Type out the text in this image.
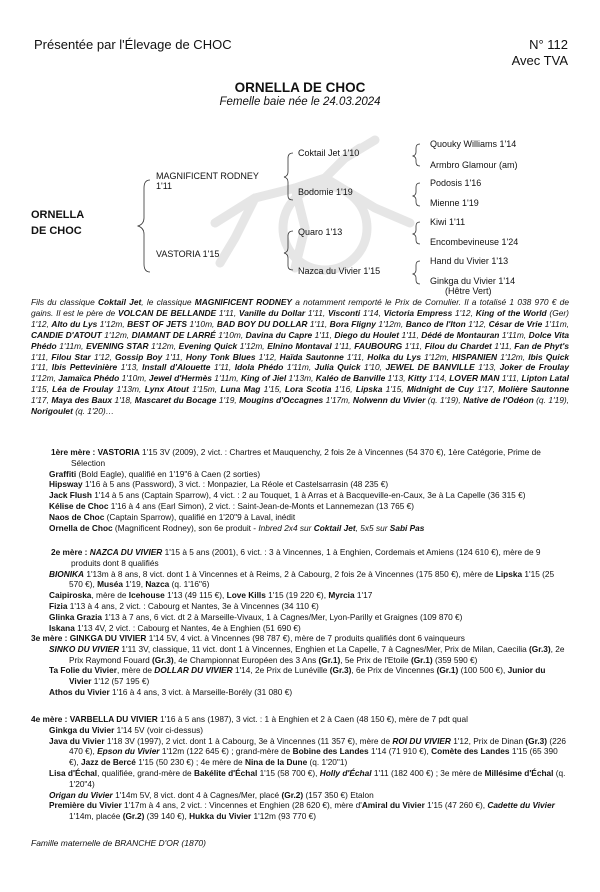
Présentée par l'Élevage de CHOC	N° 112
Avec TVA
ORNELLA DE CHOC
Femelle baie née le 24.03.2024
ORNELLA
DE CHOC
MAGNIFICENT RODNEY 1'11
VASTORIA 1'15
Coktail Jet 1'10
Bodomie 1'19
Quaro 1'13
Nazca du Vivier 1'15
Quouky Williams 1'14
Armbro Glamour (am)
Podosis 1'16
Mienne 1'19
Kiwi 1'11
Encombevineuse 1'24
Hand du Vivier 1'13
Ginkga du Vivier 1'14
(Hêtre Vert)
Fils du classique Coktail Jet, le classique MAGNIFICENT RODNEY a notamment remporté le Prix de Cornulier. Il a totalisé 1 038 970 € de gains. Il est le père de VOLCAN DE BELLANDE 1'11, Vanille du Dollar 1'11, Visconti 1'14, Victoria Empress 1'12, King of the World (Ger) 1'12, Alto du Lys 1'12m, BEST OF JETS 1'10m, BAD BOY DU DOLLAR 1'11, Bora Fligny 1'12m, Banco de l'Iton 1'12, César de Vrie 1'11m, CANDIE D'ATOUT 1'12m, DIAMANT DE LARRÉ 1'10m, Davina du Capre 1'11, Diego du Houlet 1'11, Dédé de Montauran 1'11m, Dolce Vita Phédo 1'11m, EVENING STAR 1'12m, Evening Quick 1'12m, Elnino Montaval 1'11, FAUBOURG 1'11, Filou du Chardet 1'11, Fan de Phyt's 1'11, Filou Star 1'12, Gossip Boy 1'11, Hony Tonk Blues 1'12, Haïda Sautonne 1'11, Holka du Lys 1'12m, HISPANIEN 1'12m, Ibis Quick 1'11, Ibis Pettevinière 1'13, Install d'Alouette 1'11, Idola Phédo 1'11m, Julia Quick 1'10, JEWEL DE BANVILLE 1'13, Joker de Froulay 1'12m, Jamaïca Phédo 1'10m, Jewel d'Hermès 1'11m, King of Jiel 1'13m, Kaléo de Banville 1'13, Kitty 1'14, LOVER MAN 1'11, Lipton Latal 1'15, Léa de Froulay 1'13m, Lynx Atout 1'15m, Luna Mag 1'15, Lora Scotia 1'16, Lipska 1'15, Midnight de Cuy 1'17, Molière Sautonne 1'17, Maya des Baux 1'18, Mascaret du Bocage 1'19, Mougins d'Occagnes 1'17m, Nolwenn du Vivier (q. 1'19), Native de l'Odéon (q. 1'19), Norigoulet (q. 1'20)…

1ère mère : VASTORIA 1'15 3V (2009), 2 vict. : Chartres et Mauquenchy, 2 fois 2e à Vincennes (54 370 €), 1ère Catégorie, Prime de Sélection

Graffiti (Bold Eagle), qualifié en 1'19"6 à Caen (2 sorties)

Hipsway 1'16 à 5 ans (Password), 3 vict. : Monpazier, La Réole et Castelsarrasin (48 235 €)

Jack Flush 1'14 à 5 ans (Captain Sparrow), 4 vict. : 2 au Touquet, 1 à Arras et à Bacqueville-en-Caux, 3e à La Capelle (36 315 €)

Kélise de Choc 1'16 à 4 ans (Earl Simon), 2 vict. : Saint-Jean-de-Monts et Lannemezan (13 765 €)

Naos de Choc (Captain Sparrow), qualifié en 1'20"9 à Laval, inédit

Ornella de Choc (Magnificent Rodney), son 6e produit - Inbred 2x4 sur Coktail Jet, 5x5 sur Sabi Pas

2e mère : NAZCA DU VIVIER 1'15 à 5 ans (2001), 6 vict. : 3 à Vincennes, 1 à Enghien, Cordemais et Amiens (124 610 €), mère de 9 produits dont 8 qualifiés

BIONIKA 1'13m à 8 ans, 8 vict. dont 1 à Vincennes et à Reims, 2 à Cabourg, 2 fois 2e à Vincennes (175 850 €), mère de Lipska 1'15 (25 570 €), Muséa 1'19, Nazca (q. 1'16"6)

Caipiroska, mère de Icehouse 1'13 (49 115 €), Love Kills 1'15 (19 220 €), Myrcia 1'17

Fizia 1'13 à 4 ans, 2 vict. : Cabourg et Nantes, 3e à Vincennes (34 110 €)

Glinka Grazia 1'13 à 7 ans, 6 vict. dt 2 à Marseille-Vivaux, 1 à Cagnes/Mer, Lyon-Parilly et Graignes (109 870 €)

Iskana 1'13 4V, 2 vict. : Cabourg et Nantes, 4e à Enghien (51 690 €)

3e mère : GINKGA DU VIVIER 1'14 5V, 4 vict. à Vincennes (98 787 €), mère de 7 produits qualifiés dont 6 vainqueurs

SINKO DU VIVIER 1'11 3V, classique, 11 vict. dont 1 à Vincennes, Enghien et La Capelle, 7 à Cagnes/Mer, Prix de Milan, Caecilia (Gr.3), 2e Prix Raymond Fouard (Gr.3), 4e Championnat Européen des 3 Ans (Gr.1), 5e Prix de l'Etoile (Gr.1) (359 590 €)

Ta Folie du Vivier, mère de DOLLAR DU VIVIER 1'14, 2e Prix de Lunéville (Gr.3), 6e Prix de Vincennes (Gr.1) (100 500 €), Junior du Vivier 1'12 (57 195 €)

Athos du Vivier 1'16 à 4 ans, 3 vict. à Marseille-Borély (31 080 €)

4e mère : VARBELLA DU VIVIER 1'16 à 5 ans (1987), 3 vict. : 1 à Enghien et 2 à Caen (48 150 €), mère de 7 pdt qual

Ginkga du Vivier 1'14 5V (voir ci-dessus)

Java du Vivier 1'18 3V (1997), 2 vict. dont 1 à Cabourg, 3e à Vincennes (11 357 €), mère de ROI DU VIVIER 1'12, Prix de Dinan (Gr.3) (226 470 €), Epson du Vivier 1'12m (122 645 €) ; grand-mère de Bobine des Landes 1'14 (71 910 €), Comète des Landes 1'15 (65 390 €), Jazz de Bercé 1'15 (50 230 €) ; 4e mère de Nina de la Dune (q. 1'20"1)

Lisa d'Échal, qualifiée, grand-mère de Bakélite d'Échal 1'15 (58 700 €), Holly d'Échal 1'11 (182 400 €) ; 3e mère de Millésime d'Échal (q. 1'20"4)

Origan du Vivier 1'14m 5V, 8 vict. dont 4 à Cagnes/Mer, placé (Gr.2) (157 350 €) Etalon

Première du Vivier 1'17m à 4 ans, 2 vict. : Vincennes et Enghien (28 620 €), mère d'Amiral du Vivier 1'15 (47 260 €), Cadette du Vivier 1'14m, placée (Gr.2) (39 140 €), Hukka du Vivier 1'12m (93 770 €)

Famille maternelle de BRANCHE D'OR (1870)
